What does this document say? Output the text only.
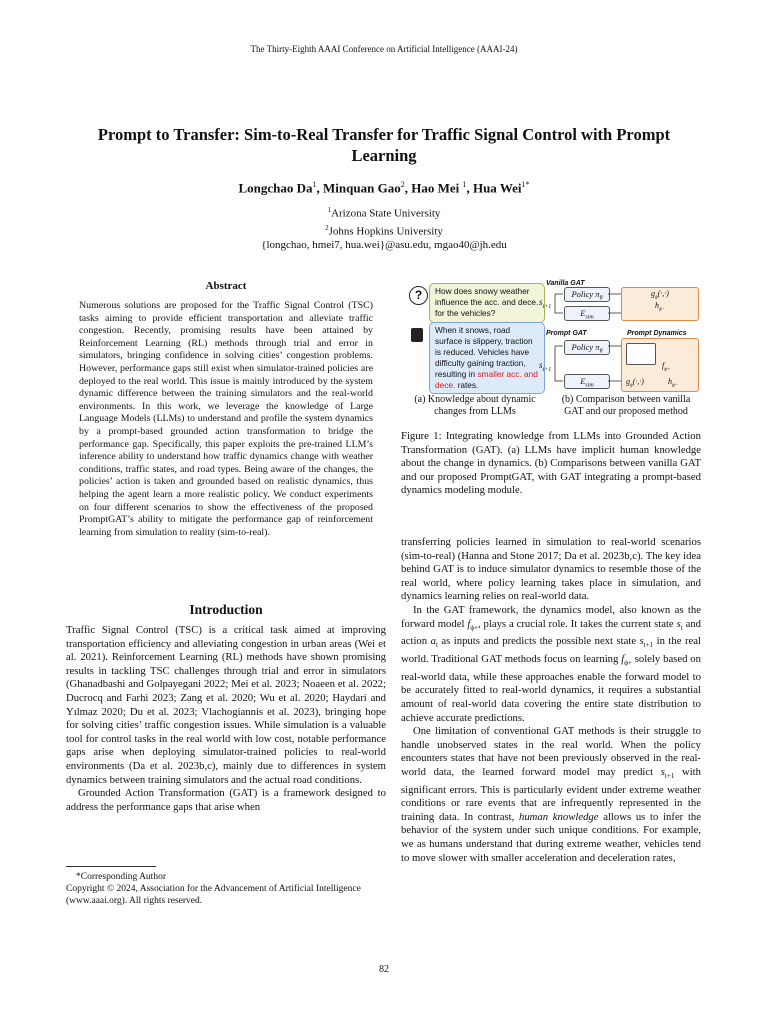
The Thirty-Eighth AAAI Conference on Artificial Intelligence (AAAI-24)
Prompt to Transfer: Sim-to-Real Transfer for Traffic Signal Control with Prompt
Learning
Longchao Da$^1$, Minquan Gao$^2$, Hao Mei $^1$, Hua Wei$^{1*}$
$^1$Arizona State University
$^2$Johns Hopkins University
{longchao, hmei7, hua.wei}@asu.edu, mgao40@jh.edu
Abstract
Numerous solutions are proposed for the Traffic Signal Control (TSC) tasks aiming to provide efficient transportation and alleviate traffic congestion. Recently, promising results have been attained by Reinforcement Learning (RL) methods through trial and error in simulators, bringing confidence in solving cities’ congestion problems. However, performance gaps still exist when simulator-trained policies are deployed to the real world. This issue is mainly introduced by the system dynamic difference between the training simulators and the real-world environments. In this work, we leverage the knowledge of Large Language Models (LLMs) to understand and profile the system dynamics by a prompt-based grounded action transformation to bridge the performance gap. Specifically, this paper exploits the pre-trained LLM’s inference ability to understand how traffic dynamics change with weather conditions, traffic states, and road types. Being aware of the changes, the policies’ action is taken and grounded based on realistic dynamics, thus helping the agent learn a more realistic policy. We conduct experiments on four different scenarios to show the effectiveness of the proposed PromptGAT’s ability to mitigate the performance gap of reinforcement learning from simulation to reality (sim-to-real).
Introduction

Traffic Signal Control (TSC) is a critical task aimed at improving transportation efficiency and alleviating congestion in urban areas (Wei et al. 2021). Reinforcement Learning (RL) methods have shown promising results in tackling TSC challenges through trial and error in simulators (Ghanadbashi and Golpayegani 2022; Mei et al. 2023; Noaeen et al. 2022; Ducrocq and Farhi 2023; Zang et al. 2020; Wu et al. 2020; Haydari and Yılmaz 2020; Du et al. 2023; Vlachogiannis et al. 2023), bringing hope for solving cities’ traffic congestion issues. While simulation is a valuable tool for control tasks in the real world with low cost, notable performance gaps arise when deploying simulator-trained policies to real-world environments (Da et al. 2023b,c), mainly due to differences in system dynamics between training simulators and the actual road conditions.

Grounded Action Transformation (GAT) is a framework designed to address the performance gaps that arise when

*Corresponding Author
Copyright © 2024, Association for the Advancement of Artificial Intelligence (www.aaai.org). All rights reserved.
?	How does snowy weather influence the acc. and dece. for the vehicles?
When it snows, road surface is slippery, traction is reduced. Vehicles have difficulty gaining traction, resulting in smaller acc. and dece. rates.
Vanilla GAT
$s_{t+1}$
Policy $\pi_\theta$
$E_{sim}$
$g_\phi(\cdot,\cdot)$
$h_{\phi-}$
Prompt GAT	Prompt Dynamics
$s_{t+1}$
Policy $\pi_\theta$
$E_{sim}$
$f_{\phi+}$
$g_\phi(\cdot,\cdot)$	$h_{\phi-}$
(a) Knowledge about dynamic
changes from LLMs
(b) Comparison between vanilla
GAT and our proposed method
Figure 1: Integrating knowledge from LLMs into Grounded Action Transformation (GAT). (a) LLMs have implicit human knowledge about the change in dynamics. (b) Comparisons between vanilla GAT and our proposed PromptGAT, with GAT integrating a prompt-based dynamics modeling module.

transferring policies learned in simulation to real-world scenarios (sim-to-real) (Hanna and Stone 2017; Da et al. 2023b,c). The key idea behind GAT is to induce simulator dynamics to resemble those of the real world, where policy learning takes place in simulation, and dynamics learning relies on real-world data.

In the GAT framework, the dynamics model, also known as the forward model $f_{\phi+}$, plays a crucial role. It takes the current state $s_t$ and action $a_t$ as inputs and predicts the possible next state $s_{t+1}$ in the real world. Traditional GAT methods focus on learning $f_{\phi+}$ solely based on real-world data, while these approaches enable the forward model to be accurately fitted to real-world dynamics, it requires a substantial amount of real-world data covering the entire state distribution to achieve accurate predictions.

One limitation of conventional GAT methods is their struggle to handle unobserved states in the real world. When the policy encounters states that have not been previously observed in the real-world data, the learned forward model may predict $s_{t+1}$ with significant errors. This is particularly evident under extreme weather conditions or rare events that are infrequently represented in the training data. In contrast, human knowledge allows us to infer the behavior of the system under such unique conditions. For example, we as humans understand that during extreme weather, vehicles tend to move slower with smaller acceleration and deceleration rates,

82
